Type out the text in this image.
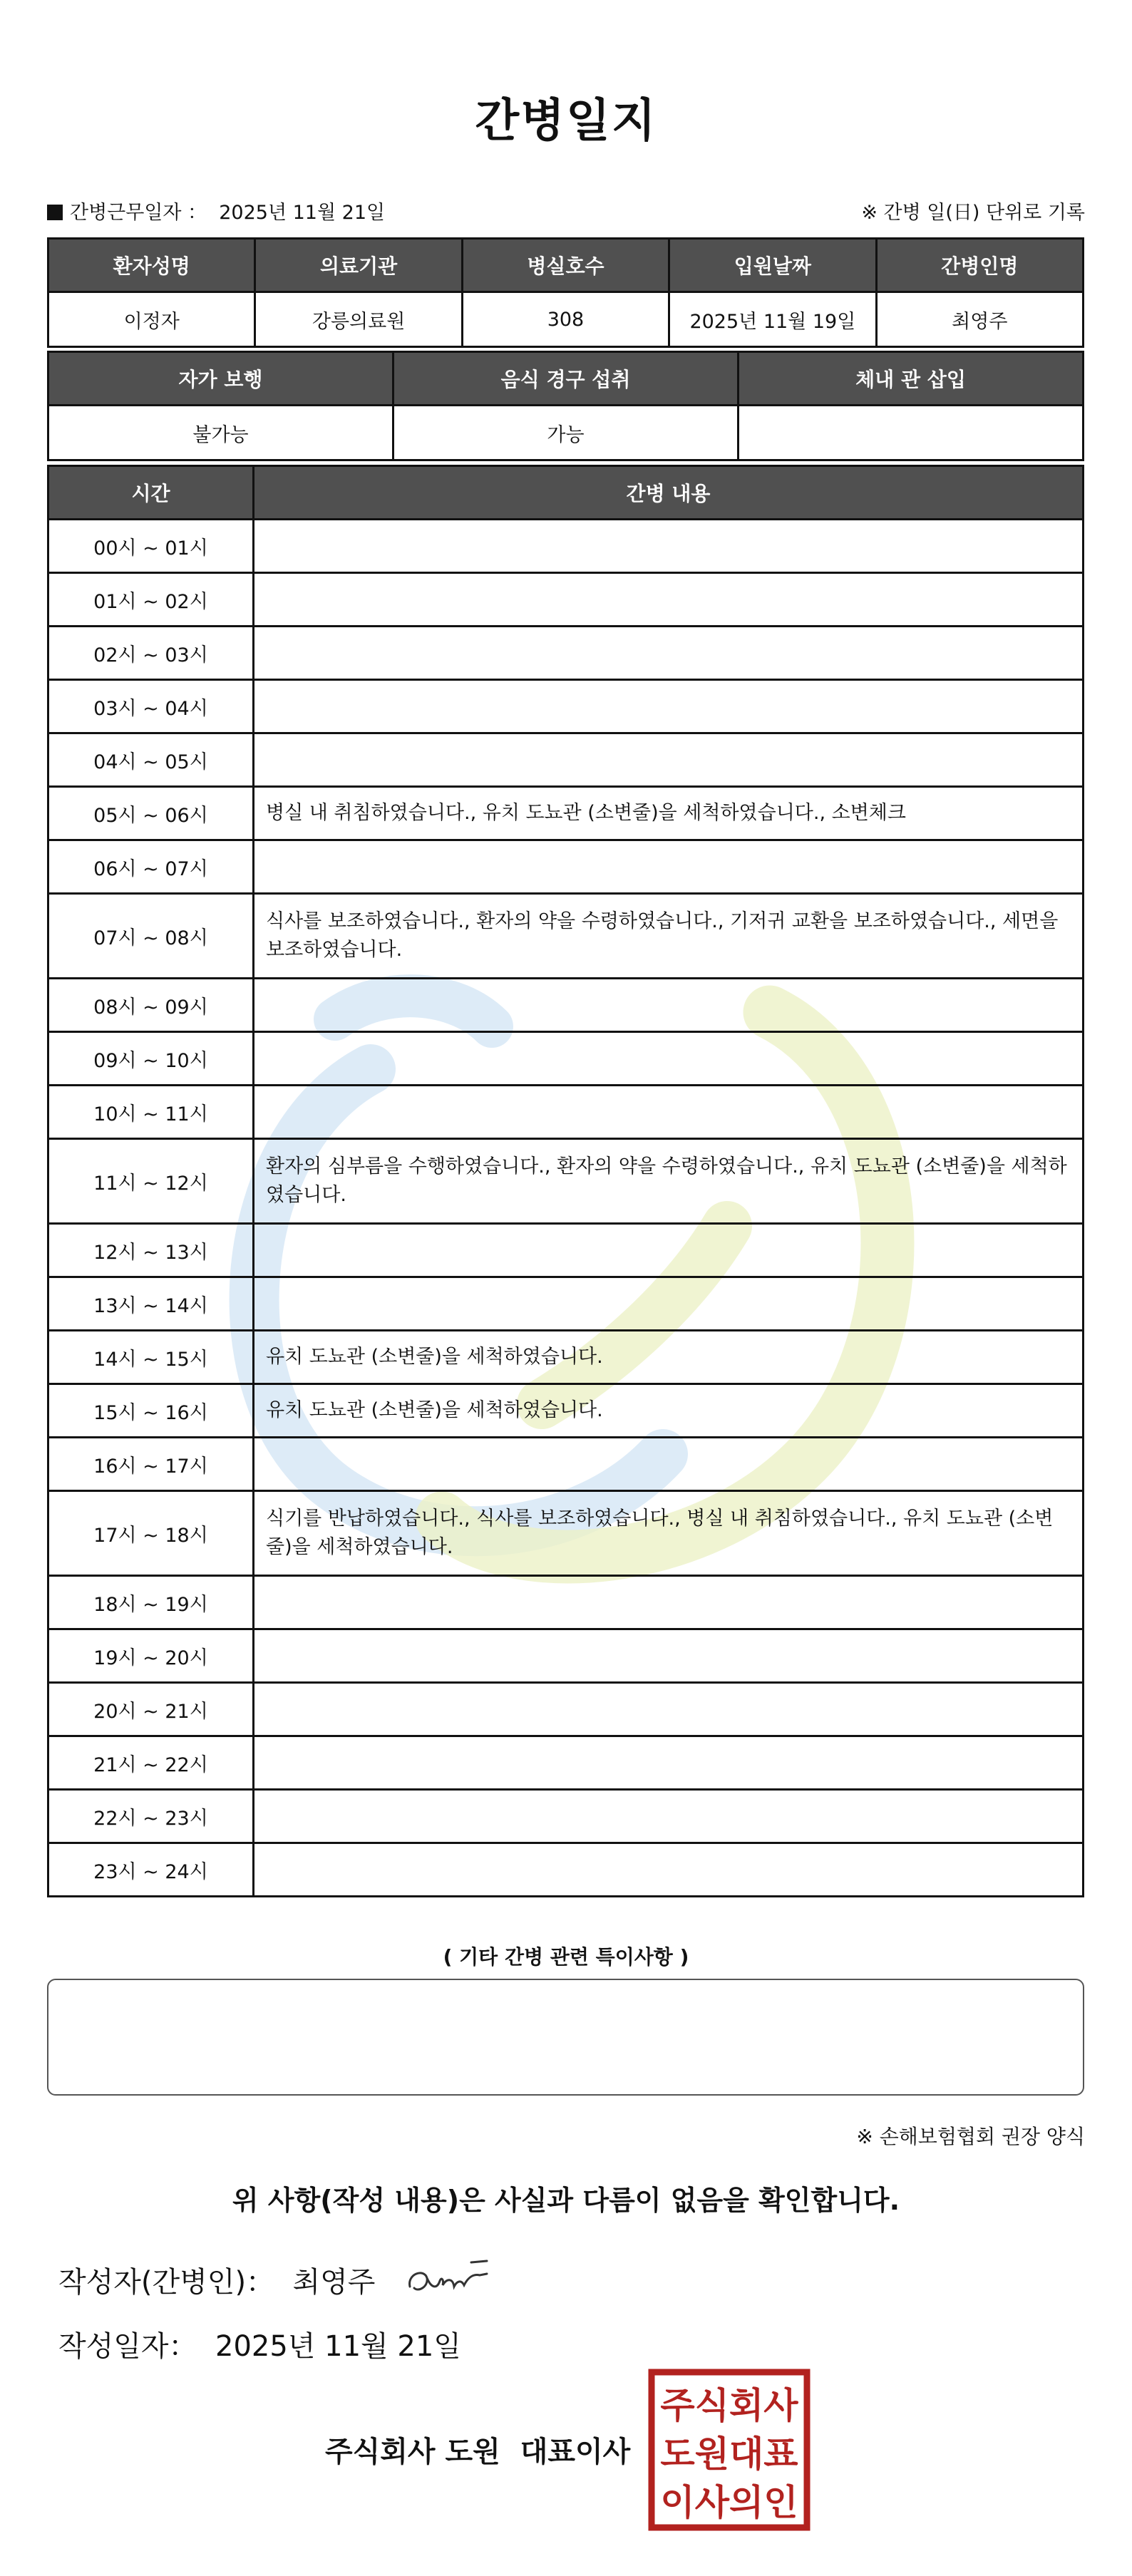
간병일지
간병근무일자 ： 2025년 11월 21일	※ 간병 일(日) 단위로 기록
환자성명	의료기관	병실호수	입원날짜	간병인명
이정자	강릉의료원	308	2025년 11월 19일	최영주
자가 보행	음식 경구 섭취	체내 관 삽입
불가능	가능	
시간	간병 내용
00시 ~ 01시	
01시 ~ 02시	
02시 ~ 03시	
03시 ~ 04시	
04시 ~ 05시	
05시 ~ 06시	병실 내 취침하였습니다., 유치 도뇨관 (소변줄)을 세척하였습니다., 소변체크
06시 ~ 07시	
07시 ~ 08시	식사를 보조하였습니다., 환자의 약을 수령하였습니다., 기저귀 교환을 보조하였습니다., 세면을 보조하였습니다.
08시 ~ 09시	
09시 ~ 10시	
10시 ~ 11시	
11시 ~ 12시	환자의 심부름을 수행하였습니다., 환자의 약을 수령하였습니다., 유치 도뇨관 (소변줄)을 세척하였습니다.
12시 ~ 13시	
13시 ~ 14시	
14시 ~ 15시	유치 도뇨관 (소변줄)을 세척하였습니다.
15시 ~ 16시	유치 도뇨관 (소변줄)을 세척하였습니다.
16시 ~ 17시	
17시 ~ 18시	식기를 반납하였습니다., 식사를 보조하였습니다., 병실 내 취침하였습니다., 유치 도뇨관 (소변줄)을 세척하였습니다.
18시 ~ 19시	
19시 ~ 20시	
20시 ~ 21시	
21시 ~ 22시	
22시 ~ 23시	
23시 ~ 24시	
( 기타 간병 관련 특이사항 )
※ 손해보험협회 권장 양식
위 사항(작성 내용)은 사실과 다름이 없음을 확인합니다.
작성자(간병인)： 최영주
작성일자： 2025년 11월 21일
주식회사 도원 대표이사
주식회사
도원대표
이사의인
